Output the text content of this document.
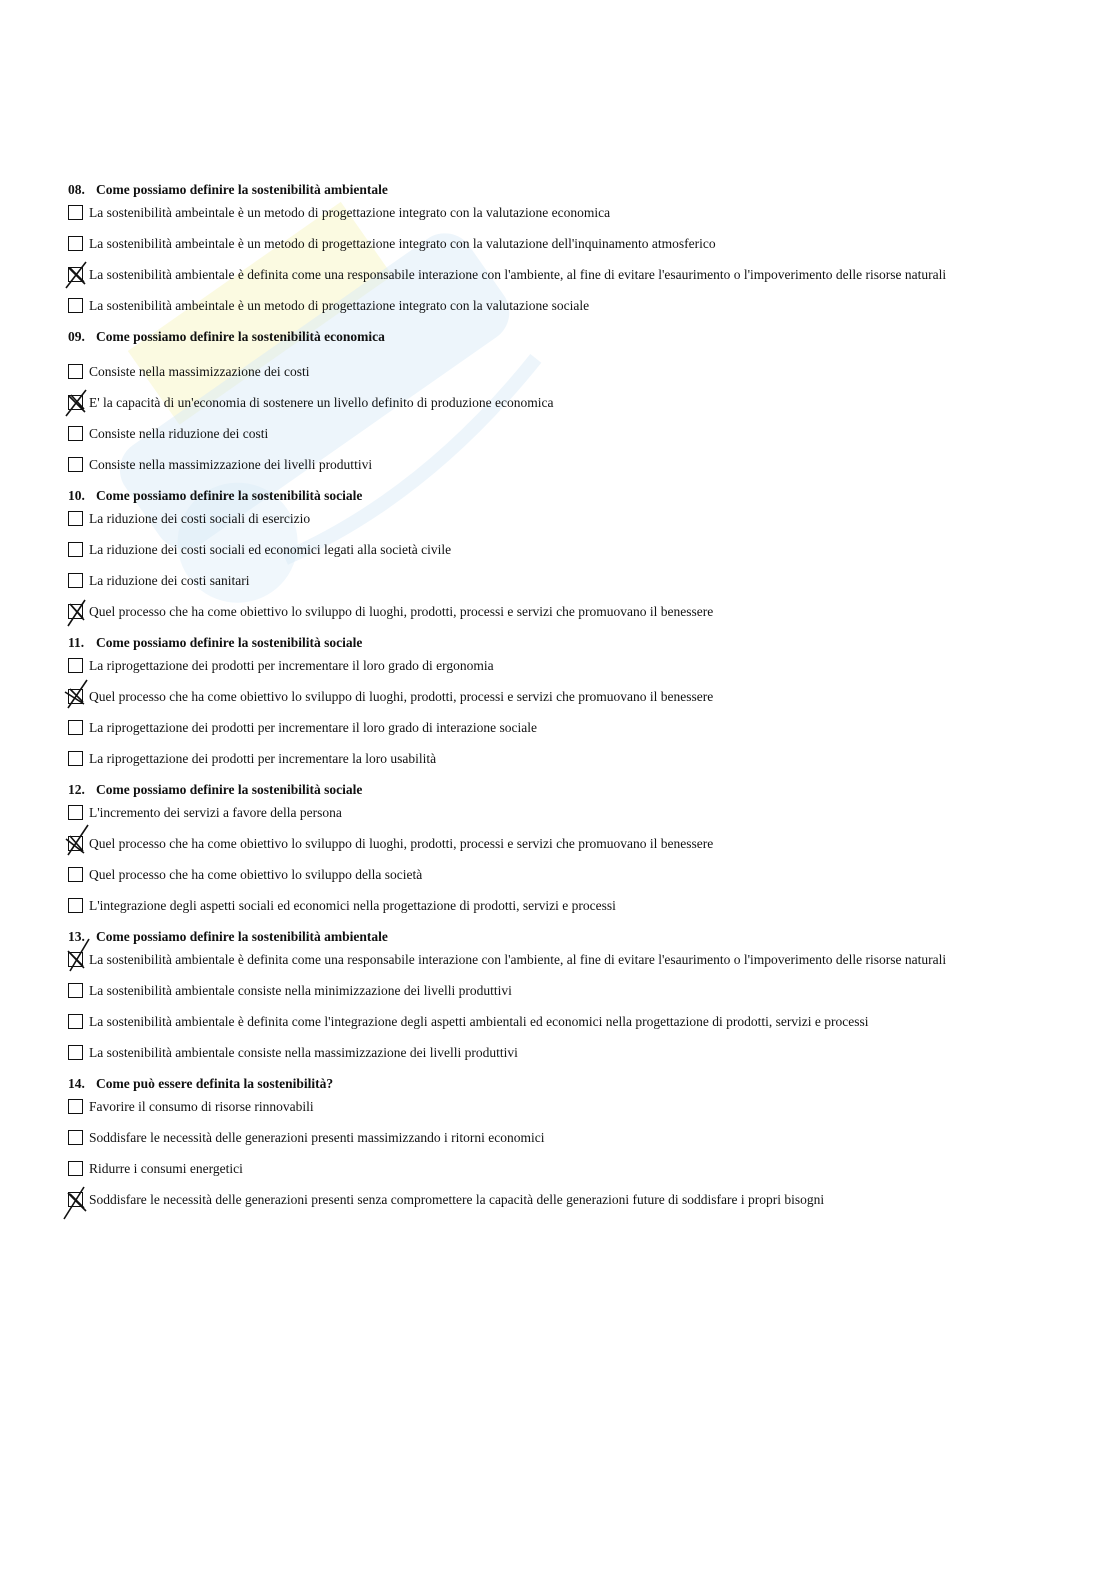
08. Come possiamo definire la sostenibilità ambientale
La sostenibilità ambeintale è un metodo di progettazione integrato con la valutazione economica
La sostenibilità ambeintale è un metodo di progettazione integrato con la valutazione dell'inquinamento atmosferico
La sostenibilità ambientale è definita come una responsabile interazione con l'ambiente, al fine di evitare l'esaurimento o l'impoverimento delle risorse naturali
La sostenibilità ambeintale è un metodo di progettazione integrato con la valutazione sociale
09. Come possiamo definire la sostenibilità economica
Consiste nella massimizzazione dei costi
E' la capacità di un'economia di sostenere un livello definito di produzione economica
Consiste nella riduzione dei costi
Consiste nella massimizzazione dei livelli produttivi
10. Come possiamo definire la sostenibilità sociale
La riduzione dei costi sociali di esercizio
La riduzione dei costi sociali ed economici legati alla società civile
La riduzione dei costi sanitari
Quel processo che ha come obiettivo lo sviluppo di luoghi, prodotti, processi e servizi che promuovano il benessere
11. Come possiamo definire la sostenibilità sociale
La riprogettazione dei prodotti per incrementare il loro grado di ergonomia
Quel processo che ha come obiettivo lo sviluppo di luoghi, prodotti, processi e servizi che promuovano il benessere
La riprogettazione dei prodotti per incrementare il loro grado di interazione sociale
La riprogettazione dei prodotti per incrementare la loro usabilità
12. Come possiamo definire la sostenibilità sociale
L'incremento dei servizi a favore della persona
Quel processo che ha come obiettivo lo sviluppo di luoghi, prodotti, processi e servizi che promuovano il benessere
Quel processo che ha come obiettivo lo sviluppo della società
L'integrazione degli aspetti sociali ed economici nella progettazione di prodotti, servizi e processi
13. Come possiamo definire la sostenibilità ambientale
La sostenibilità ambientale è definita come una responsabile interazione con l'ambiente, al fine di evitare l'esaurimento o l'impoverimento delle risorse naturali
La sostenibilità ambientale consiste nella minimizzazione dei livelli produttivi
La sostenibilità ambientale è definita come l'integrazione degli aspetti ambientali ed economici nella progettazione di prodotti, servizi e processi
La sostenibilità ambientale consiste nella massimizzazione dei livelli produttivi
14. Come può essere definita la sostenibilità?
Favorire il consumo di risorse rinnovabili
Soddisfare le necessità delle generazioni presenti massimizzando i ritorni economici
Ridurre i consumi energetici
Soddisfare le necessità delle generazioni presenti senza compromettere la capacità delle generazioni future di soddisfare i propri bisogni
